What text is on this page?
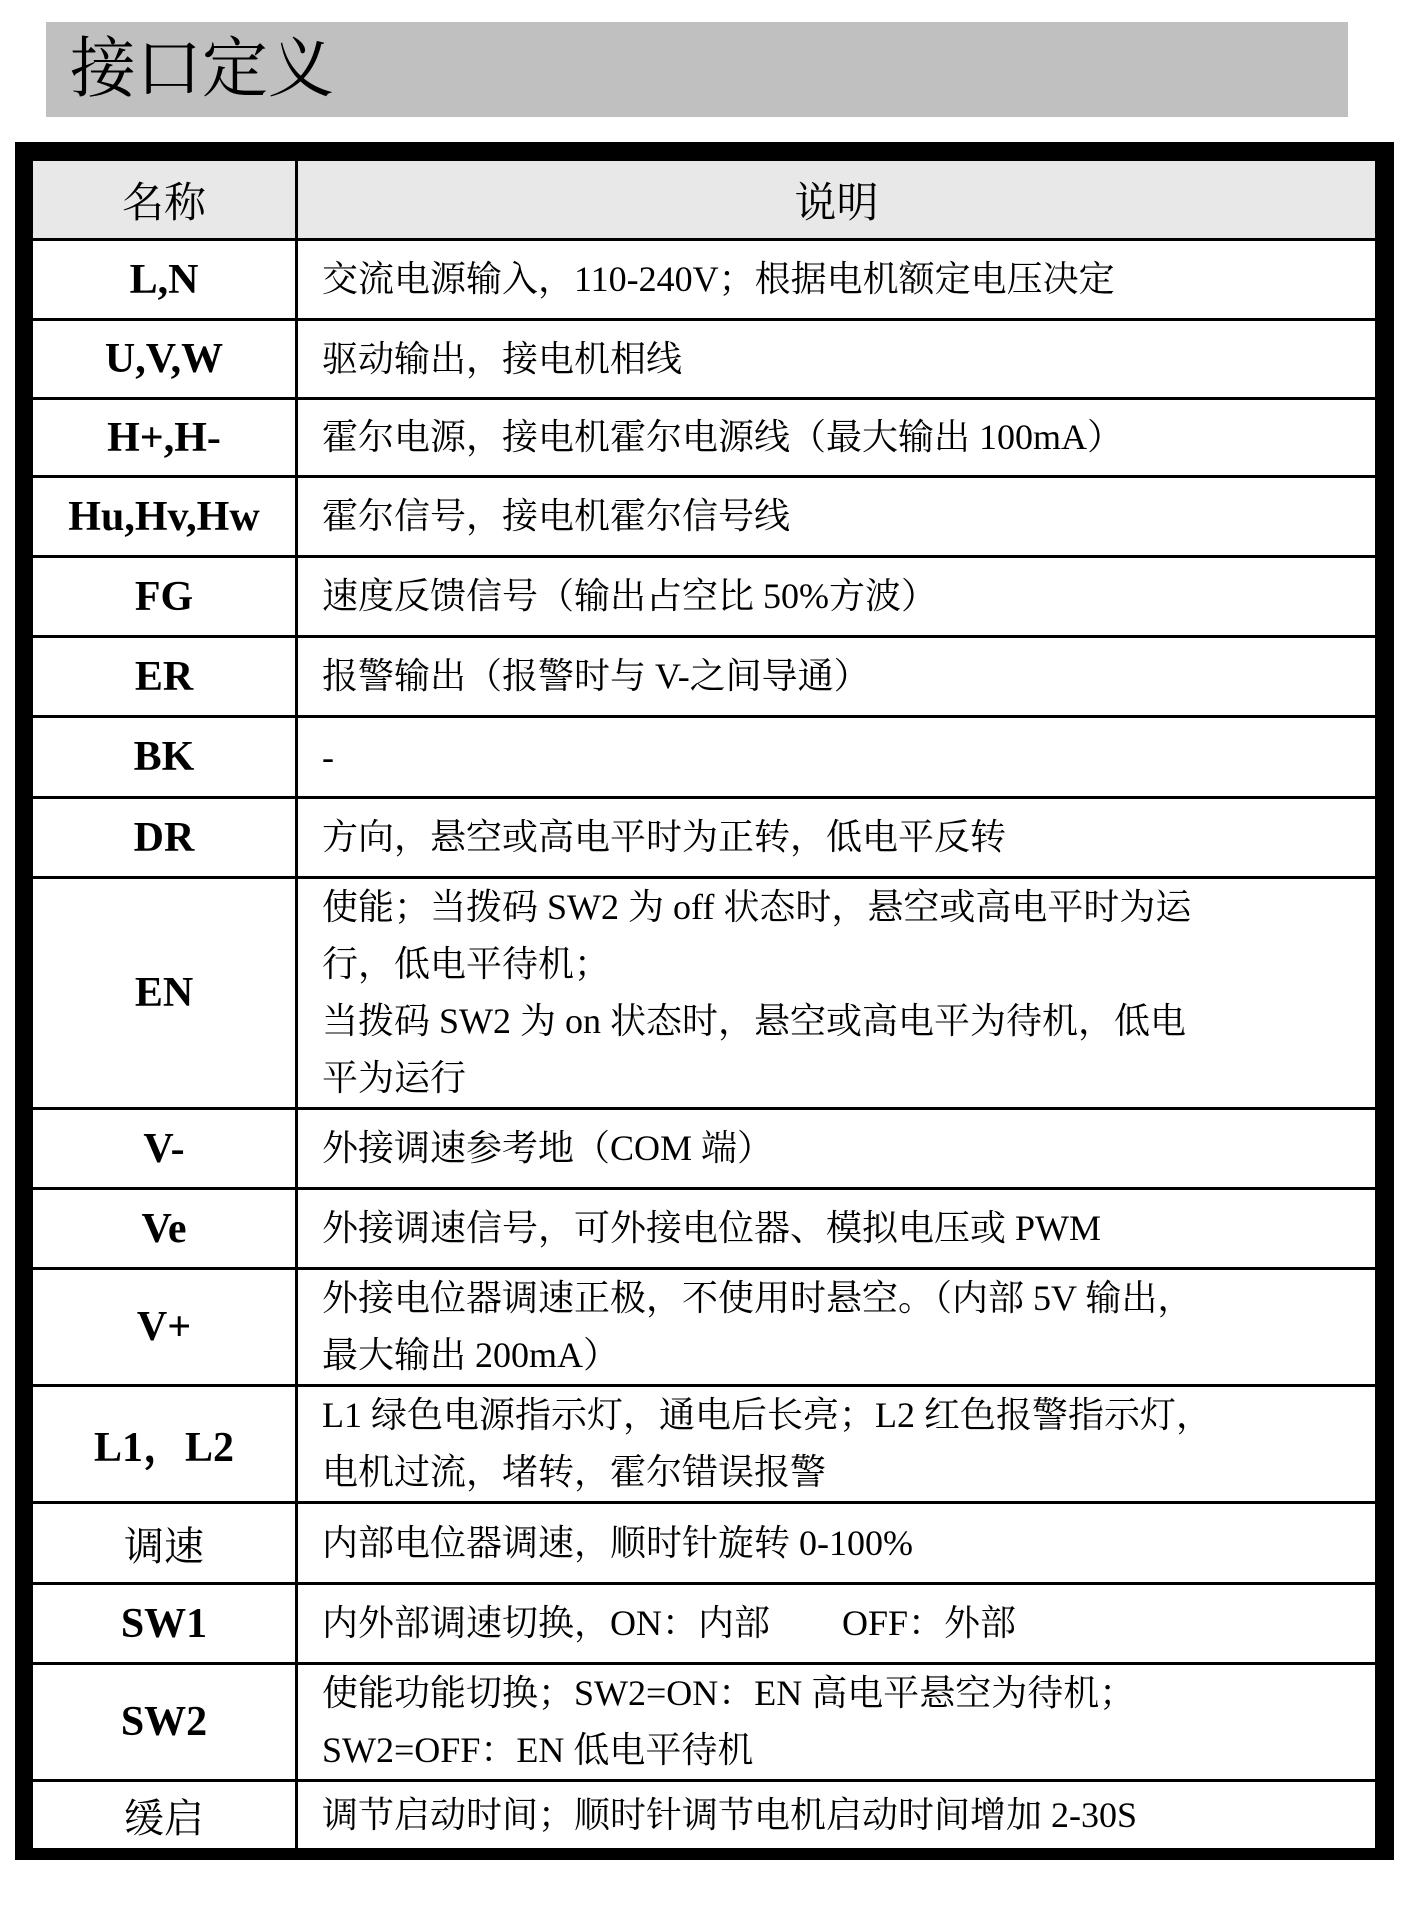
接口定义
名称	说明
L,N	交流电源输入，110-240V；根据电机额定电压决定

U,V,W	驱动输出，接电机相线

H+,H-	霍尔电源，接电机霍尔电源线（最大输出 100mA）

Hu,Hv,Hw	霍尔信号，接电机霍尔信号线

FG	速度反馈信号（输出占空比 50%方波）

ER	报警输出（报警时与 V-之间导通）

BK	-

DR	方向，悬空或高电平时为正转，低电平反转

EN	使能；当拨码 SW2 为 off 状态时，悬空或高电平时为运
行，低电平待机；
当拨码 SW2 为 on 状态时，悬空或高电平为待机，低电
平为运行

V-	外接调速参考地（COM 端）

Ve	外接调速信号，可外接电位器、模拟电压或 PWM

V+	外接电位器调速正极，不使用时悬空。（内部 5V 输出，
最大输出 200mA）

L1，L2	L1 绿色电源指示灯，通电后长亮；L2 红色报警指示灯，
电机过流，堵转，霍尔错误报警

调速	内部电位器调速，顺时针旋转 0-100%

SW1	内外部调速切换，ON：内部　　OFF：外部

SW2	使能功能切换；SW2=ON：EN 高电平悬空为待机；
SW2=OFF：EN 低电平待机

缓启	调节启动时间；顺时针调节电机启动时间增加 2-30S
